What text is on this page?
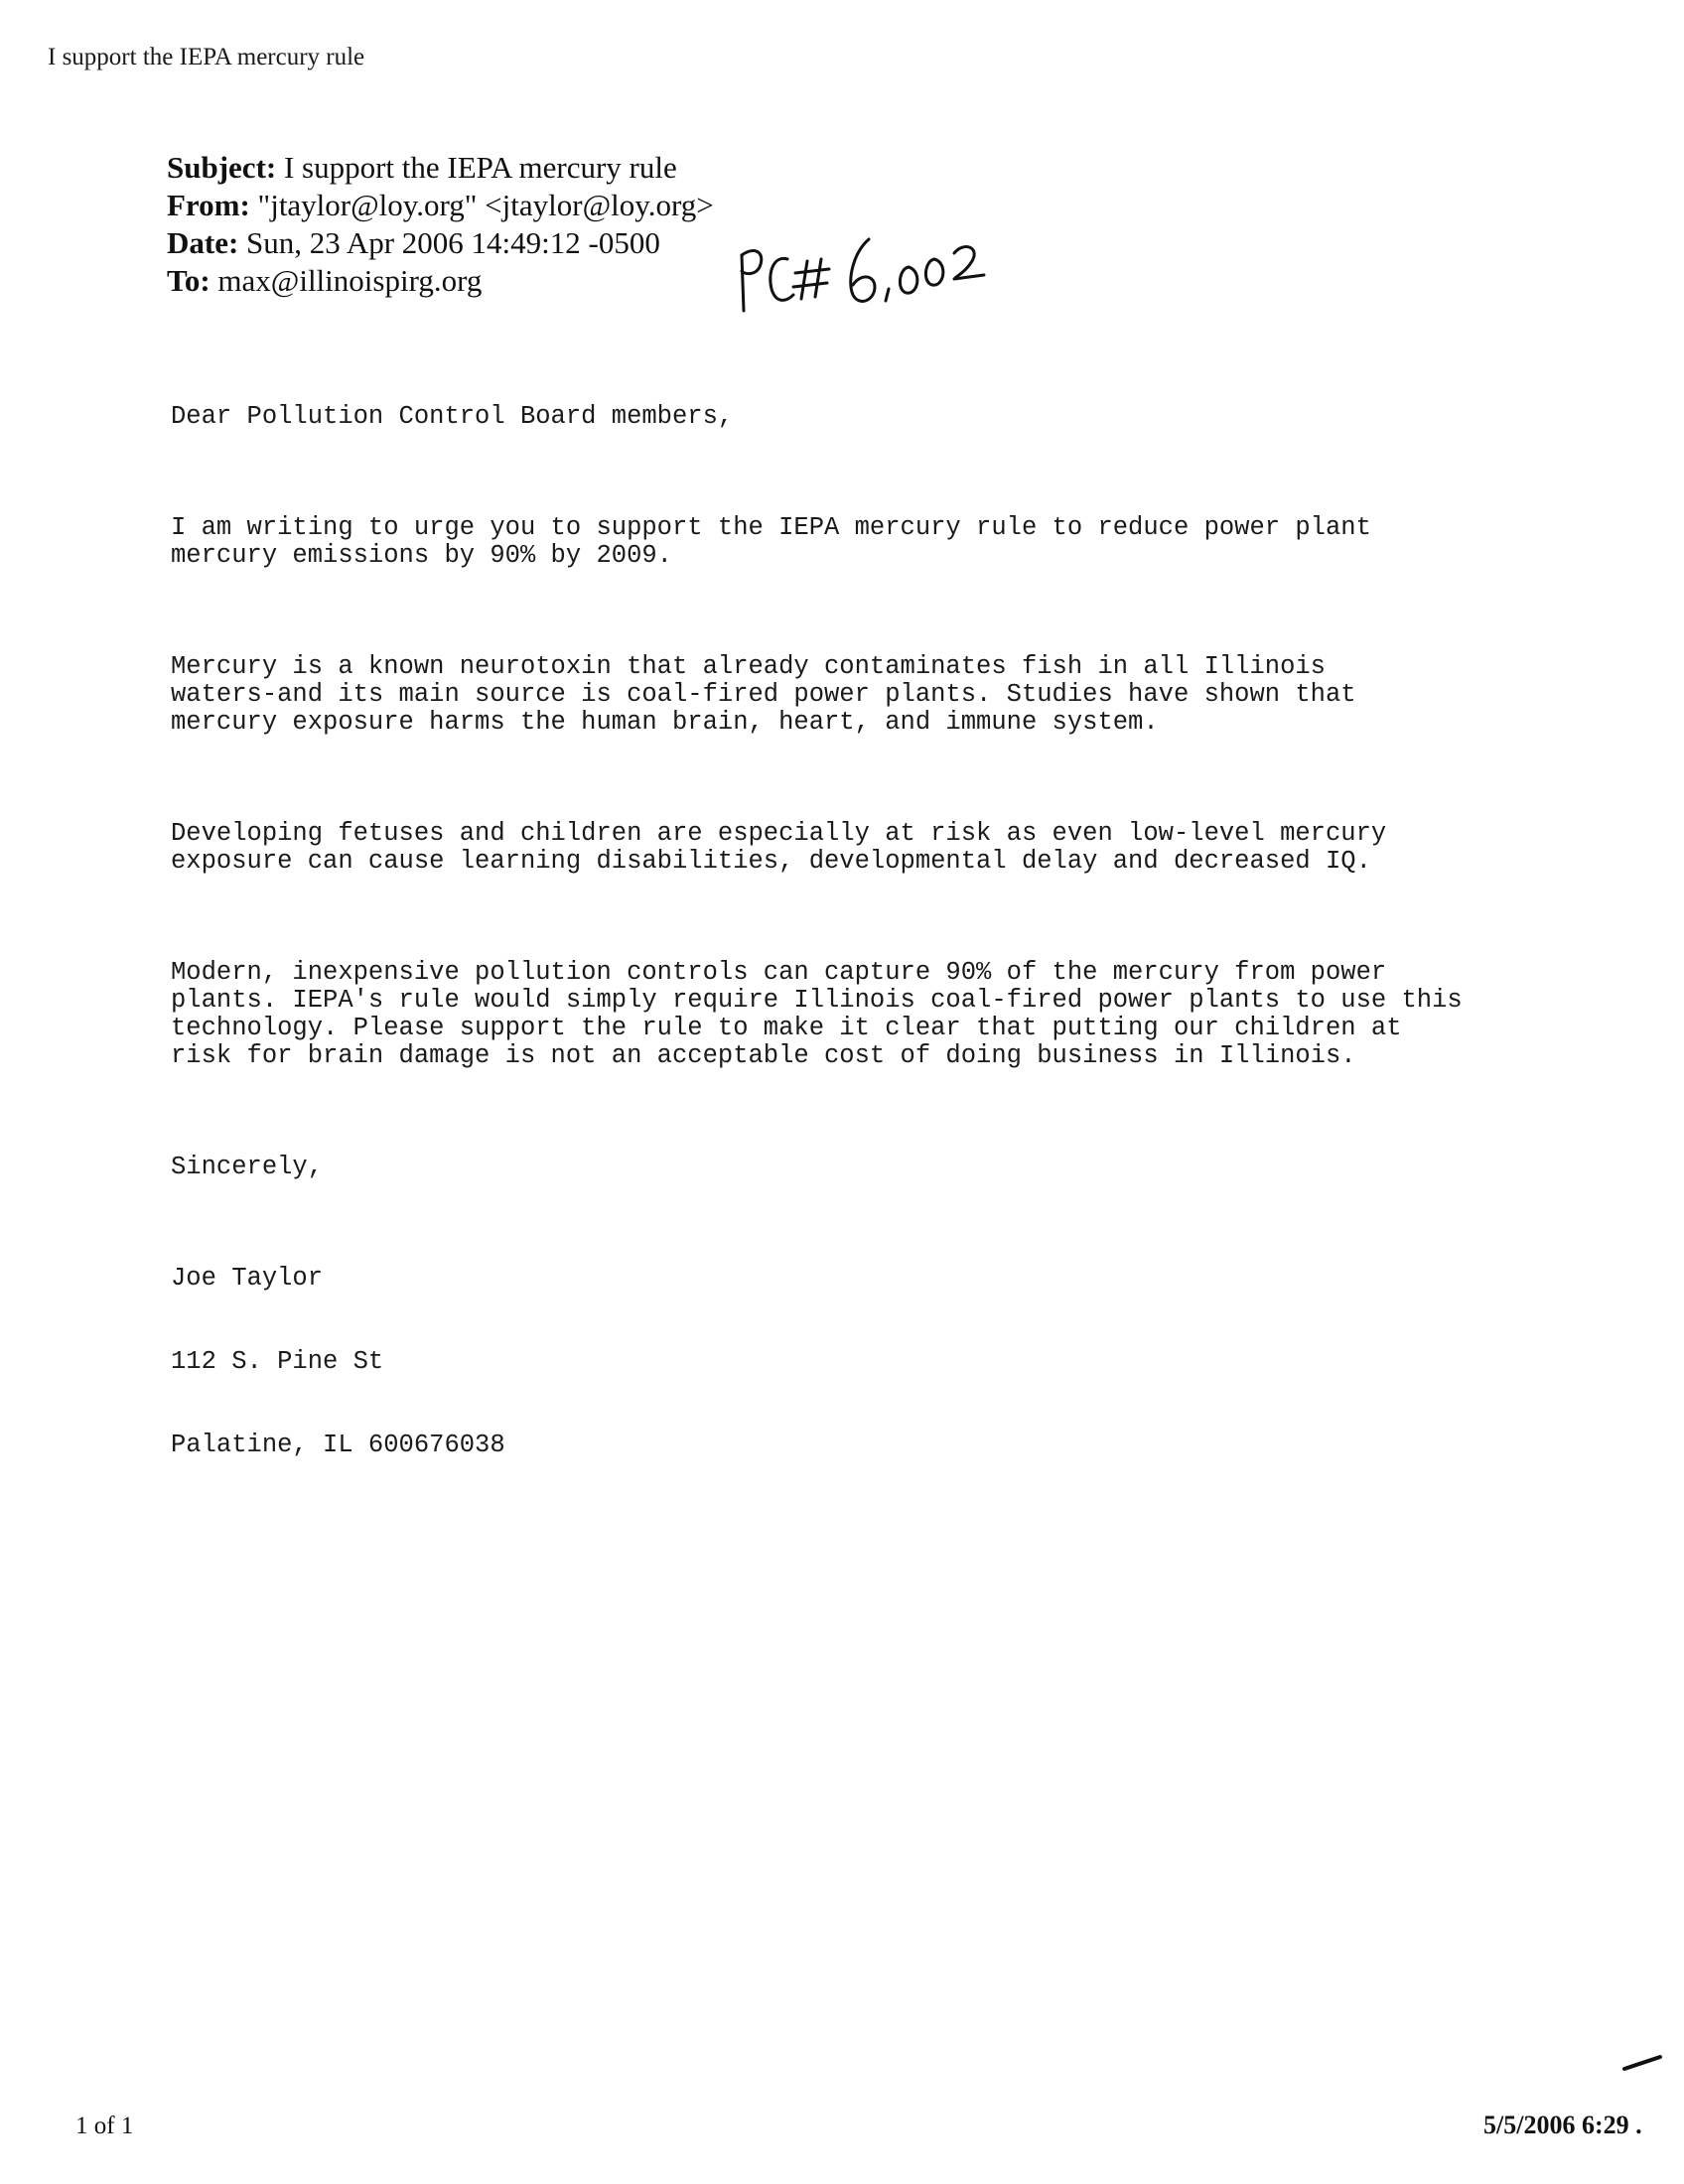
I support the IEPA mercury rule
Subject: I support the IEPA mercury rule
From: "jtaylor@loy.org" <jtaylor@loy.org>
Date: Sun, 23 Apr 2006 14:49:12 -0500
To: max@illinoispirg.org

Dear Pollution Control Board members,

I am writing to urge you to support the IEPA mercury rule to reduce power plant
mercury emissions by 90% by 2009.

Mercury is a known neurotoxin that already contaminates fish in all Illinois
waters-and its main source is coal-fired power plants. Studies have shown that
mercury exposure harms the human brain, heart, and immune system.

Developing fetuses and children are especially at risk as even low-level mercury
exposure can cause learning disabilities, developmental delay and decreased IQ.

Modern, inexpensive pollution controls can capture 90% of the mercury from power
plants. IEPA's rule would simply require Illinois coal-fired power plants to use this
technology. Please support the rule to make it clear that putting our children at
risk for brain damage is not an acceptable cost of doing business in Illinois.

Sincerely,

Joe Taylor

112 S. Pine St

Palatine, IL 600676038

1 of 1	5/5/2006 6:29 .
